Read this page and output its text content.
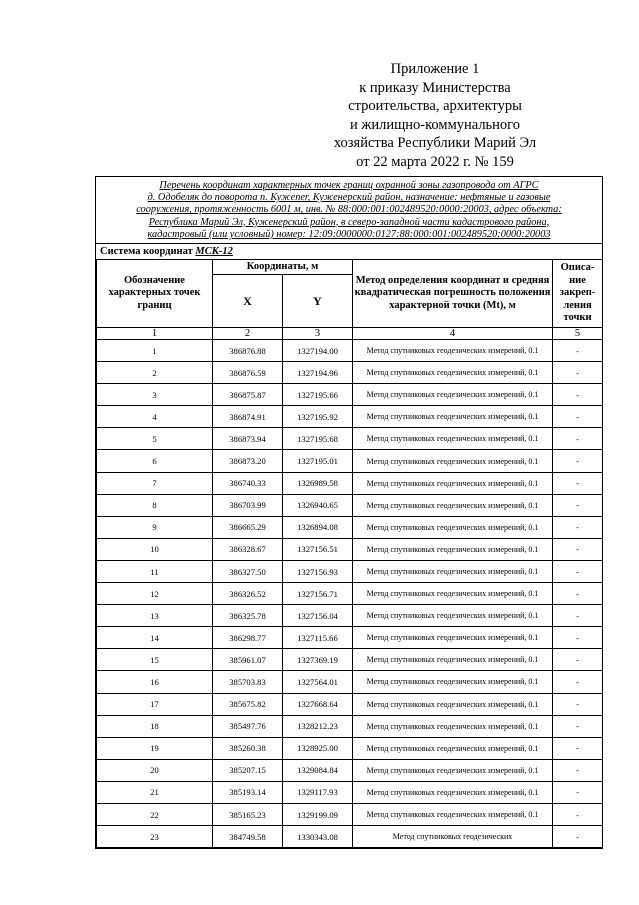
Приложение 1
к приказу Министерства
строительства, архитектуры
и жилищно-коммунального
хозяйства Республики Марий Эл
от 22 марта 2022 г. № 159
Перечень координат характерных точек границ охранной зоны газопровода от АГРС
д. Одобеляк до поворота п. Кужener, Куженерский район, назначение: нефтяные и газовые
сооружения, протяженность 6001 м, инв. № 88:000:001:002489520:0000:20003, адрес объекта:
Республика Марий Эл, Кужeнерский район, в северо-западной части кадастрового района,
кадастровый (или условный) номер: 12:09:0000000:0127:88:000:001:002489520:0000:20003
Система координат МСК-12
Обозначение характерных точек границ	Координаты, м		Метод определения координат и средняя квадратическая погрешность положения характерной точки (Mt), м	Описа- ние закреп- ления точки
	X	Y		
1	2	3	4	5
1	386876.88	1327194.00	Метод спутниковых геодезических измерений, 0.1	-
2	386876.59	1327194.96	Метод спутниковых геодезических измерений, 0.1	-
3	386875.87	1327195.66	Метод спутниковых геодезических измерений, 0.1	-
4	386874.91	1327195.92	Метод спутниковых геодезических измерений, 0.1	-
5	386873.94	1327195.68	Метод спутниковых геодезических измерений, 0.1	-
6	386873.20	1327195.01	Метод спутниковых геодезических измерений, 0.1	-
7	386740.33	1326989.58	Метод спутниковых геодезических измерений, 0.1	-
8	386703.99	1326940.65	Метод спутниковых геодезических измерений, 0.1	-
9	386665.29	1326894.08	Метод спутниковых геодезических измерений, 0.1	-
10	386328.67	1327156.51	Метод спутниковых геодезических измерений, 0.1	-
11	386327.50	1327156.93	Метод спутниковых геодезических измерений, 0.1	-
12	386326.52	1327156.71	Метод спутниковых геодезических измерений, 0.1	-
13	386325.78	1327156.04	Метод спутниковых геодезических измерений, 0.1	-
14	386298.77	1327115.66	Метод спутниковых геодезических измерений, 0.1	-
15	385961.07	1327369.19	Метод спутниковых геодезических измерений, 0.1	-
16	385703.83	1327564.01	Метод спутниковых геодезических измерений, 0.1	-
17	385675.82	1327668.64	Метод спутниковых геодезических измерений, 0.1	-
18	385497.76	1328212.23	Метод спутниковых геодезических измерений, 0.1	-
19	385260.38	1328925.00	Метод спутниковых геодезических измерений, 0.1	-
20	385207.15	1329084.84	Метод спутниковых геодезических измерений, 0.1	-
21	385193.14	1329117.93	Метод спутниковых геодезических измерений, 0.1	-
22	385165.23	1329199.09	Метод спутниковых геодезических измерений, 0.1	-
23	384749.58	1330343.08	Метод спутниковых геодезических	-
